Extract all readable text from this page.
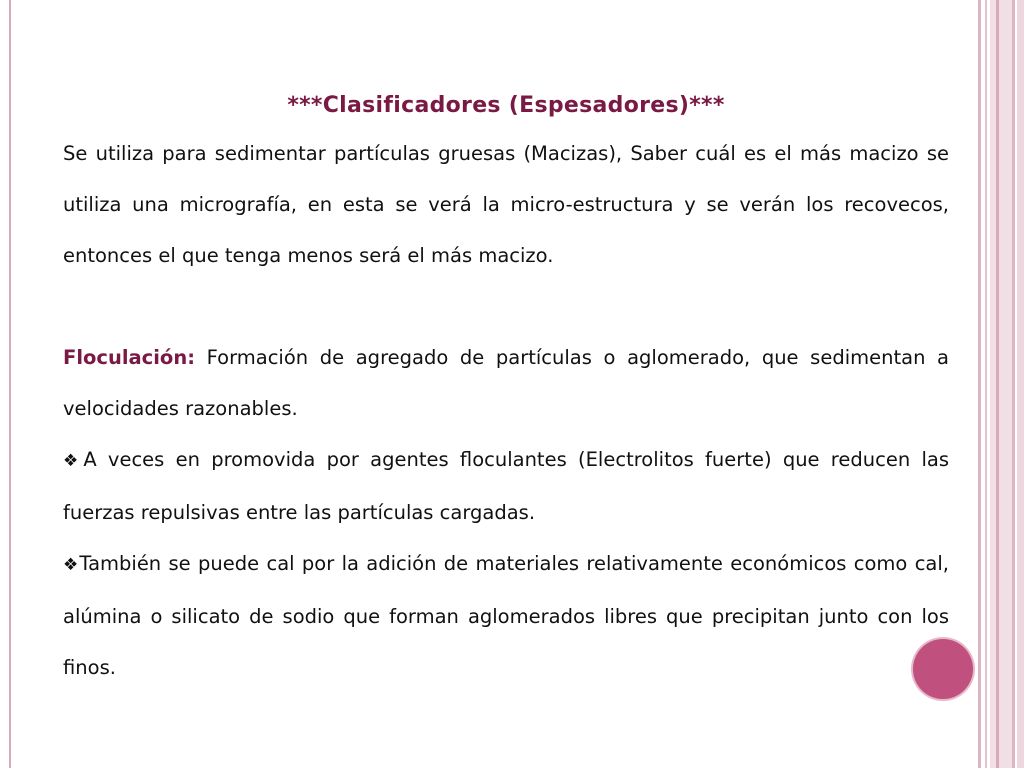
***Clasificadores (Espesadores)***

Se utiliza para sedimentar partículas gruesas (Macizas), Saber cuál es el más macizo se utiliza una micrografía, en esta se verá la micro-estructura y se verán los recovecos, entonces el que tenga menos será el más macizo.

Floculación: Formación de agregado de partículas o aglomerado, que sedimentan a velocidades razonables.

❖A veces en promovida por agentes floculantes (Electrolitos fuerte) que reducen las fuerzas repulsivas entre las partículas cargadas.

❖También se puede cal por la adición de materiales relativamente económicos como cal, alúmina o silicato de sodio que forman aglomerados libres que precipitan junto con los finos.
